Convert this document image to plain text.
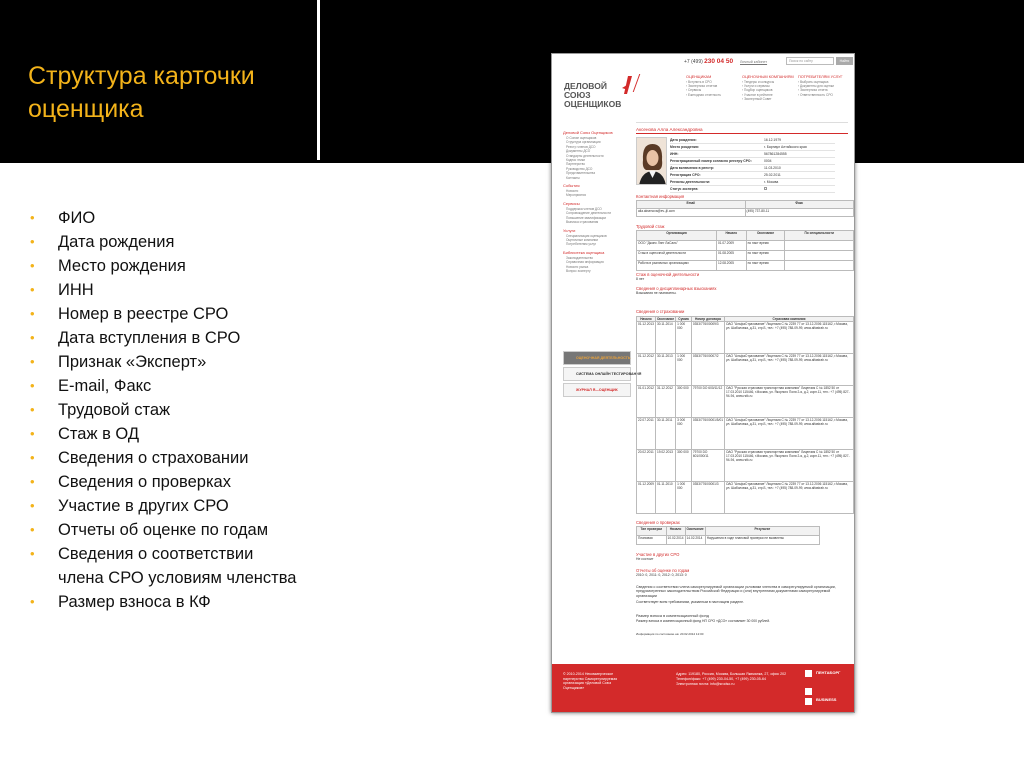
Структура карточки оценщика
• ФИО
• Дата рождения
• Место рождения
• ИНН
• Номер в реестре СРО
• Дата вступления в СРО
• Признак «Эксперт»
• E-mail, Факс
• Трудовой стаж
• Стаж в ОД
• Сведения о страховании
• Сведения о проверках
• Участие в других СРО
• Отчеты об оценке по годам
• Сведения о соответствии члена СРО условиям членства
• Размер взноса в КФ
+7 (499) 230 04 50 Личный кабинет	Поиск по сайту	Найти
ДЕЛОВОЙ СОЮЗ ОЦЕНЩИКОВ
ОЦЕНЩИКАМ
› Вступить в СРО
› Экспертиза отчетов
› Сервисы
› Ежегодная отчетность
ОЦЕНОЧНЫМ КОМПАНИЯМ
› Тендеры и конкурсы
› Услуги и сервисы
› Подбор оценщиков
› Участие в рейтинге
› Экспертный Совет
ПОТРЕБИТЕЛЯМ УСЛУГ
› Выбрать оценщика
› Документы для оценки
› Экспертиза отчета
› Ответственность СРО
Деловой Союз Оценщиков
О Союзе оценщиков
Структура организации
Реестр членов ДСО
Документы ДСО
Стандарты деятельности
Кодекс этики
Партнерство
Руководство ДСО
Представительства
Контакты
События
Новости
Мероприятия
Сервисы
Поддержка членов ДСО
Сопровождение деятельности
Повышение квалификации
Выписка страхования
Услуги
Специализация оценщиков
Оценочные компании
Потребителям услуг
Библиотека оценщика
Законодательство
Справочная информация
Новости рынка
Вопрос эксперту
ОЦЕНОЧНАЯ ДЕЯТЕЛЬНОСТЬ
СИСТЕМА ОНЛАЙН ТЕСТИРОВАНИЯ
ЖУРНАЛ Я—ОЦЕНЩИК
Аксенова Алла Александровна
Дата рождения:	16.12.1979
Место рождения:	г. Барнаул Алтайского края
ИНН:	567861284555
Регистрационный номер согласно реестру СРО:	0004
Дата включения в реестр:	11.03.2010
Регистрация СРО:	25.02.2011
Регионы деятельности:	г. Москва
Статус эксперта:
Контактная информация
Email	Факс
alla.aksenova@ev.-jll.com	(495) 737-80-11
Трудовой стаж
Организация	Начало	Окончание	По специальности
ООО "Джонс Лэнг ЛаСаль"	01.07.2009	по наст время	
Стаж в оценочной деятельности	01.08.2005	по наст время	
Работа в различных организациях	12.08.2005	по наст время	
Стаж в оценочной деятельности
8 лет
Сведения о дисциплинарных взысканиях
Взыскания не назначены.
Сведения о страховании
Начало	Окончание	Сумма	Номер договора	Страховая компания
01.12.2013	30.11.2014	1 000 000	0353/776/00009/3	ОАО "АльфаСтрахование" Лицензия С № 2239 77 от 13.12.2006 115162, г.Москва, ул. Шаболовка, д.31, стр.Б, тел.: +7 (495) 788-09-99, www.alfastrah.ru
01.12.2012	30.11.2013	1 000 000	0353/776/00007/2	ОАО "АльфаСтрахование" Лицензия С № 2239 77 от 13.12.2006 115162, г.Москва, ул. Шаболовка, д.31, стр.Б, тел.: +7 (495) 788-09-99, www.alfastrah.ru
01.01.2012	31.12.2012	300 000	79700 DO 600/11/12	ОАО "Русская страховая транспортная компания" Лицензия С № 1852 50 от 17.03.2010 115446, г.Москва, ул. Якорного Поля 2-я, д.2, корп.11, тел.: +7 (495) 827-94-94, www.rstk.ru
22.07.2011	30.11.2011	3 000 000	0353/776/00001/5/01	ОАО "АльфаСтрахование" Лицензия С № 2239 77 от 13.12.2006 115162, г.Москва, ул. Шаболовка, д.31, стр.Б, тел.: +7 (495) 788-09-99, www.alfastrah.ru
20.02.2011	19.02.2013	300 000	79700 DO 601/000/11	ОАО "Русская страховая транспортная компания" Лицензия С № 1852 50 от 17.03.2010 115446, г.Москва, ул. Якорного Поля 2-я, д.2, корп.11, тел.: +7 (495) 827-94-94, www.rstk.ru
01.12.2009	01.11.2010	1 000 000	0353/776/00001/3	ОАО "АльфаСтрахование" Лицензия С № 2239 77 от 13.12.2006 115162, г.Москва, ул. Шаболовка, д.31, стр.Б, тел.: +7 (495) 788-09-99, www.alfastrah.ru
Сведения о проверках
Тип проверки	Начало	Окончание	Результат
Плановая	10.02.2014	14.02.2014	Нарушения в ходе плановой проверки не выявлены
Участие в других СРО
Не состоит
Отчеты об оценке по годам
2010: 0, 2011: 0, 2012: 0, 2013: 0
Сведения о соответствии члена саморегулируемой организации условиям членства в саморегулируемой организации, предусмотренных законодательством Российской Федерации и (или) внутренними документами саморегулируемой организации
Соответствует всем требованиям, указанным в настоящем разделе.
Размер взноса в компенсационный фонд
Размер взноса в компенсационный фонд НП СРО «ДСО» составляет 30 000 рублей.
Информация по состоянию на: 20.02.2014 12:00
© 2010-2014 Некоммерческое партнерство Саморегулируемая организация «Деловой Союз Оценщиков»
Адрес: 119180, Россия, Москва, Большая Якиманка, 27, офис 202
Телефон/факс: +7 (499) 230-04-50, +7 (499) 230-05-64
Электронная почта: info@srodso.ru
ПЕНТАБОРГ
BUSINESS
